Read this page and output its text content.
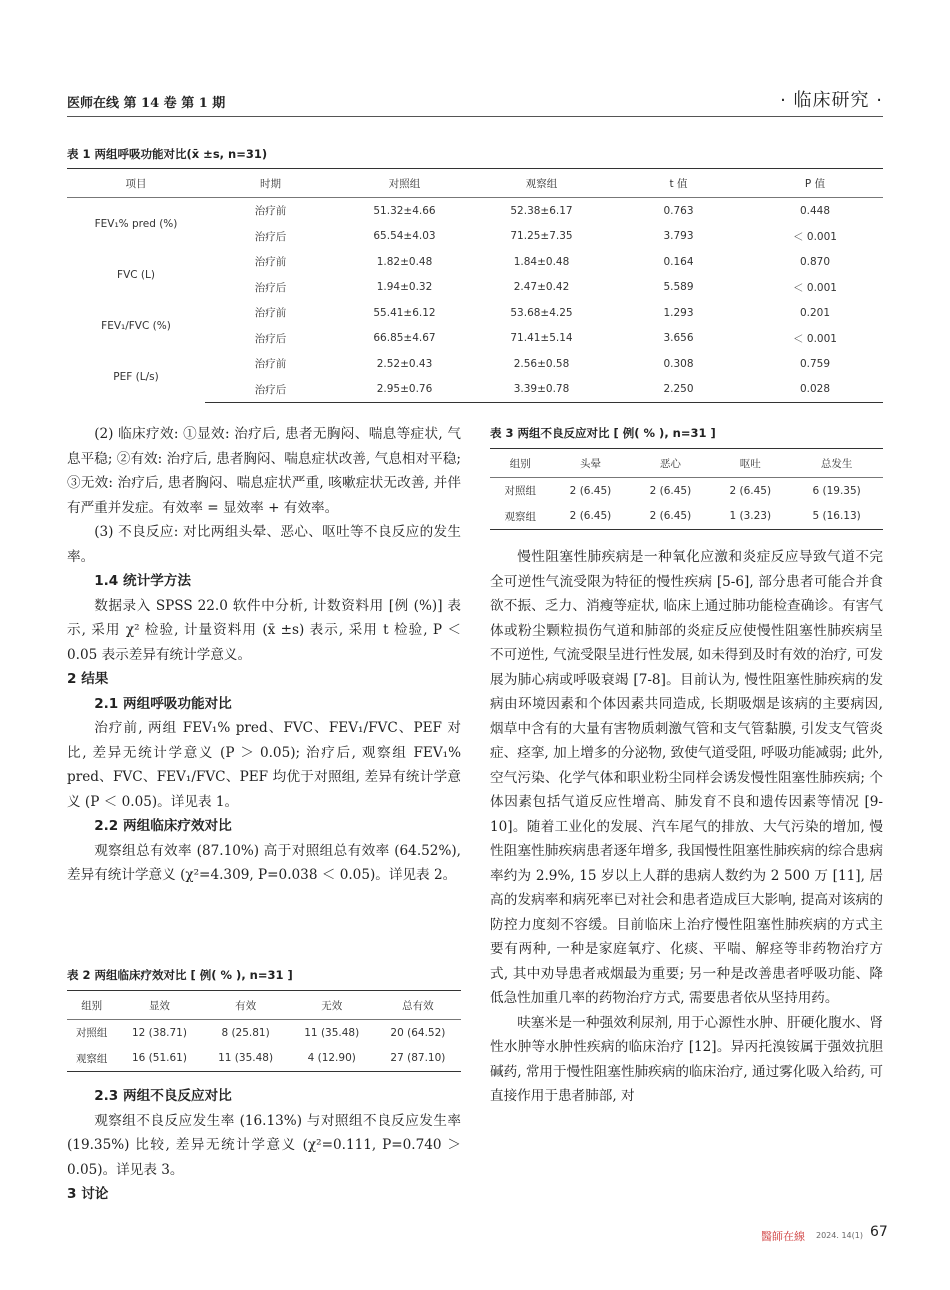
医师在线 第 14 卷 第 1 期	· 临床研究 ·
表 1 两组呼吸功能对比(x̄ ±s, n=31)
项目	时期	对照组	观察组	t 值	P 值
FEV₁% pred (%)	治疗前	51.32±4.66	52.38±6.17	0.763	0.448
	治疗后	65.54±4.03	71.25±7.35	3.793	＜ 0.001
FVC (L)	治疗前	1.82±0.48	1.84±0.48	0.164	0.870
	治疗后	1.94±0.32	2.47±0.42	5.589	＜ 0.001
FEV₁/FVC (%)	治疗前	55.41±6.12	53.68±4.25	1.293	0.201
	治疗后	66.85±4.67	71.41±5.14	3.656	＜ 0.001
PEF (L/s)	治疗前	2.52±0.43	2.56±0.58	0.308	0.759
	治疗后	2.95±0.76	3.39±0.78	2.250	0.028
表 3 两组不良反应对比 [ 例( % ), n=31 ]
组别	头晕	恶心	呕吐	总发生
对照组	2 (6.45)	2 (6.45)	2 (6.45)	6 (19.35)
观察组	2 (6.45)	2 (6.45)	1 (3.23)	5 (16.13)
表 2 两组临床疗效对比 [ 例( % ), n=31 ]
组别	显效	有效	无效	总有效
对照组	12 (38.71)	8 (25.81)	11 (35.48)	20 (64.52)
观察组	16 (51.61)	11 (35.48)	4 (12.90)	27 (87.10)

(2) 临床疗效: ①显效: 治疗后, 患者无胸闷、喘息等症状, 气息平稳; ②有效: 治疗后, 患者胸闷、喘息症状改善, 气息相对平稳; ③无效: 治疗后, 患者胸闷、喘息症状严重, 咳嗽症状无改善, 并伴有严重并发症。有效率 = 显效率 + 有效率。

(3) 不良反应: 对比两组头晕、恶心、呕吐等不良反应的发生率。

1.4 统计学方法

数据录入 SPSS 22.0 软件中分析, 计数资料用 [例 (%)] 表示, 采用 χ² 检验, 计量资料用 (x̄ ±s) 表示, 采用 t 检验, P ＜ 0.05 表示差异有统计学意义。

2 结果
2.1 两组呼吸功能对比

治疗前, 两组 FEV₁% pred、FVC、FEV₁/FVC、PEF 对比, 差异无统计学意义 (P ＞ 0.05); 治疗后, 观察组 FEV₁% pred、FVC、FEV₁/FVC、PEF 均优于对照组, 差异有统计学意义 (P ＜ 0.05)。详见表 1。

2.2 两组临床疗效对比

观察组总有效率 (87.10%) 高于对照组总有效率 (64.52%), 差异有统计学意义 (χ²=4.309, P=0.038 ＜ 0.05)。详见表 2。

2.3 两组不良反应对比

观察组不良反应发生率 (16.13%) 与对照组不良反应发生率 (19.35%) 比较, 差异无统计学意义 (χ²=0.111, P=0.740 ＞ 0.05)。详见表 3。

3 讨论

慢性阻塞性肺疾病是一种氧化应激和炎症反应导致气道不完全可逆性气流受限为特征的慢性疾病 [5-6], 部分患者可能合并食欲不振、乏力、消瘦等症状, 临床上通过肺功能检查确诊。有害气体或粉尘颗粒损伤气道和肺部的炎症反应使慢性阻塞性肺疾病呈不可逆性, 气流受限呈进行性发展, 如未得到及时有效的治疗, 可发展为肺心病或呼吸衰竭 [7-8]。目前认为, 慢性阻塞性肺疾病的发病由环境因素和个体因素共同造成, 长期吸烟是该病的主要病因, 烟草中含有的大量有害物质刺激气管和支气管黏膜, 引发支气管炎症、痉挛, 加上增多的分泌物, 致使气道受阻, 呼吸功能减弱; 此外, 空气污染、化学气体和职业粉尘同样会诱发慢性阻塞性肺疾病; 个体因素包括气道反应性增高、肺发育不良和遗传因素等情况 [9-10]。随着工业化的发展、汽车尾气的排放、大气污染的增加, 慢性阻塞性肺疾病患者逐年增多, 我国慢性阻塞性肺疾病的综合患病率约为 2.9%, 15 岁以上人群的患病人数约为 2 500 万 [11], 居高的发病率和病死率已对社会和患者造成巨大影响, 提高对该病的防控力度刻不容缓。目前临床上治疗慢性阻塞性肺疾病的方式主要有两种, 一种是家庭氧疗、化痰、平喘、解痉等非药物治疗方式, 其中劝导患者戒烟最为重要; 另一种是改善患者呼吸功能、降低急性加重几率的药物治疗方式, 需要患者依从坚持用药。

呋塞米是一种强效利尿剂, 用于心源性水肿、肝硬化腹水、肾性水肿等水肿性疾病的临床治疗 [12]。异丙托溴铵属于强效抗胆碱药, 常用于慢性阻塞性肺疾病的临床治疗, 通过雾化吸入给药, 可直接作用于患者肺部, 对

醫師在線 2024. 14(1) 67
